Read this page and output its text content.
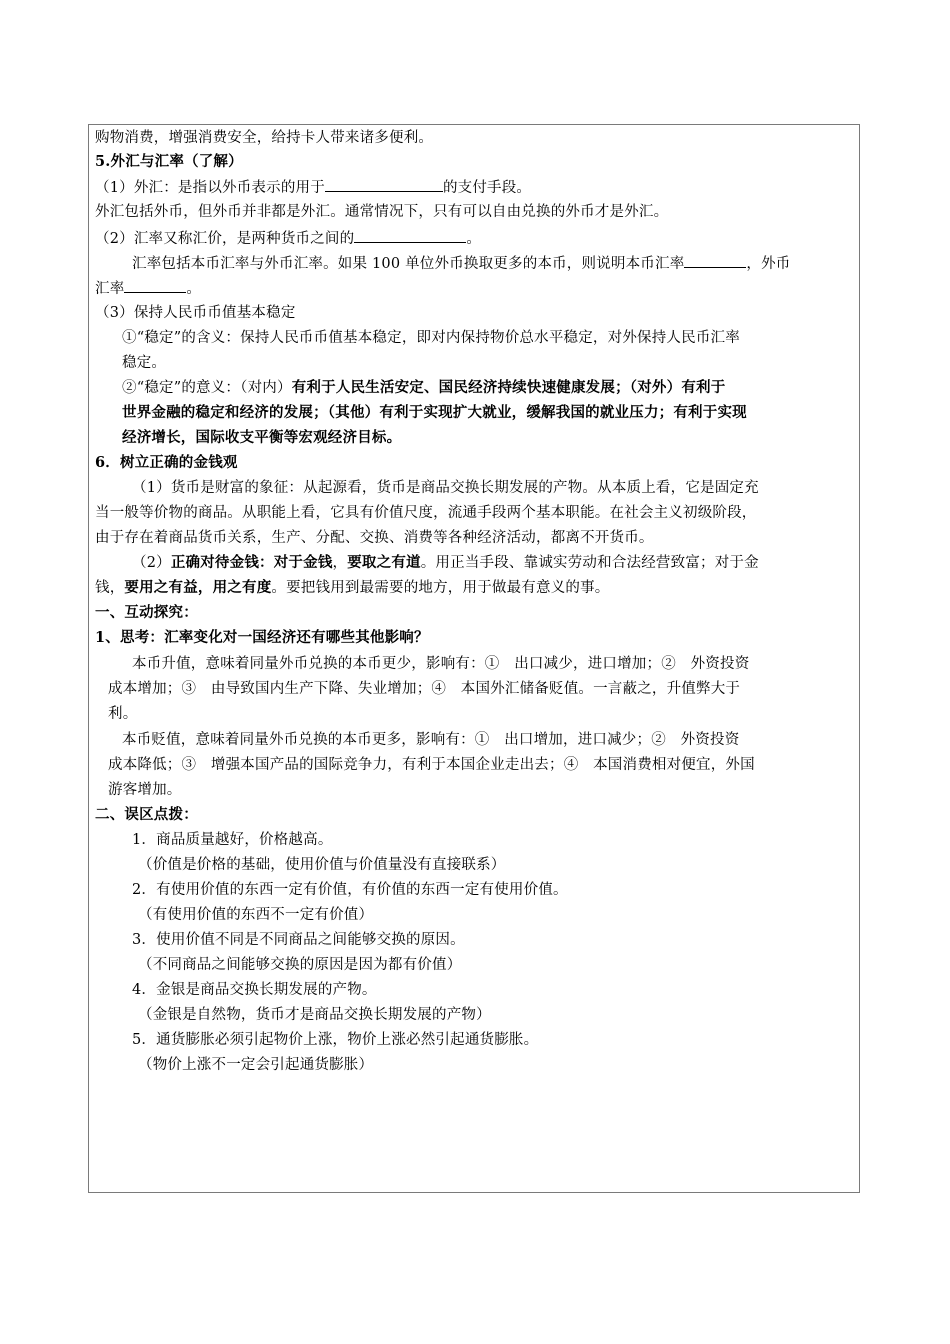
购物消费，增强消费安全，给持卡人带来诸多便利。
5.外汇与汇率（了解）
（1）外汇：是指以外币表示的用于	的支付手段。
外汇包括外币，但外币并非都是外汇。通常情况下，只有可以自由兑换的外币才是外汇。
（2）汇率又称汇价，是两种货币之间的	。
汇率包括本币汇率与外币汇率。如果 100 单位外币换取更多的本币，则说明本币汇率	，外币
汇率	。
（3）保持人民币币值基本稳定
①“稳定”的含义：保持人民币币值基本稳定，即对内保持物价总水平稳定，对外保持人民币汇率
稳定。
②“稳定”的意义：（对内）有利于人民生活安定、国民经济持续快速健康发展；（对外）有利于
世界金融的稳定和经济的发展；（其他）有利于实现扩大就业，缓解我国的就业压力；有利于实现
经济增长，国际收支平衡等宏观经济目标。
6．树立正确的金钱观
（1）货币是财富的象征：从起源看，货币是商品交换长期发展的产物。从本质上看，它是固定充
当一般等价物的商品。从职能上看，它具有价值尺度，流通手段两个基本职能。在社会主义初级阶段，
由于存在着商品货币关系，生产、分配、交换、消费等各种经济活动，都离不开货币。
（2）正确对待金钱：对于金钱，要取之有道。用正当手段、靠诚实劳动和合法经营致富；对于金
钱，要用之有益，用之有度。要把钱用到最需要的地方，用于做最有意义的事。
一、互动探究：
1、思考：汇率变化对一国经济还有哪些其他影响？
本币升值，意味着同量外币兑换的本币更少，影响有：①　出口减少，进口增加；②　外资投资
成本增加；③　由导致国内生产下降、失业增加；④　本国外汇储备贬值。一言蔽之，升值弊大于
利。
本币贬值，意味着同量外币兑换的本币更多，影响有：①　出口增加，进口减少；②　外资投资
成本降低；③　增强本国产品的国际竞争力，有利于本国企业走出去；④　本国消费相对便宜，外国
游客增加。
二、误区点拨：
1．商品质量越好，价格越高。
（价值是价格的基础，使用价值与价值量没有直接联系）
2．有使用价值的东西一定有价值，有价值的东西一定有使用价值。
（有使用价值的东西不一定有价值）
3．使用价值不同是不同商品之间能够交换的原因。
（不同商品之间能够交换的原因是因为都有价值）
4．金银是商品交换长期发展的产物。
（金银是自然物，货币才是商品交换长期发展的产物）
5．通货膨胀必须引起物价上涨，物价上涨必然引起通货膨胀。
（物价上涨不一定会引起通货膨胀）
